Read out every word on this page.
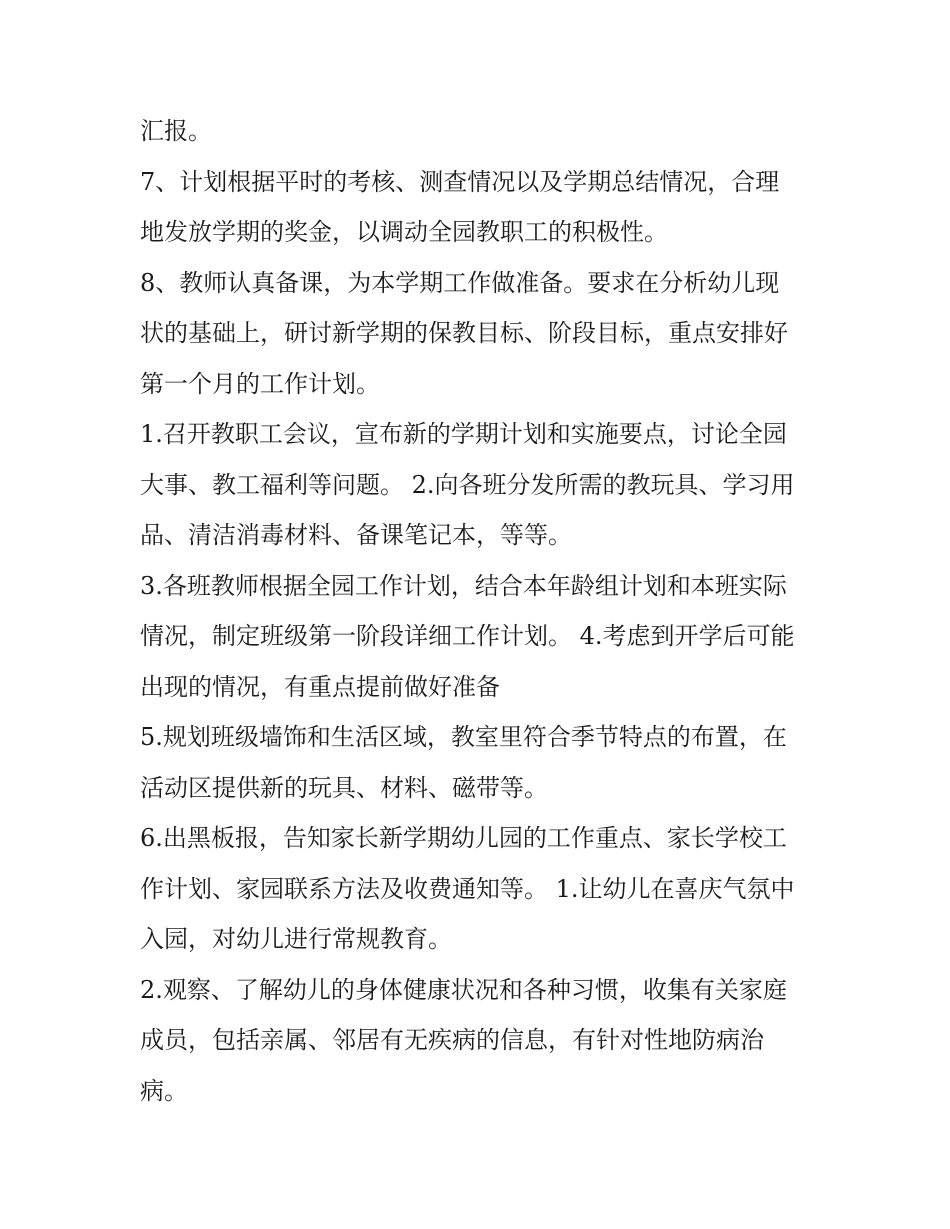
汇报。
7、计划根据平时的考核、测查情况以及学期总结情况，合理
地发放学期的奖金，以调动全园教职工的积极性。
8、教师认真备课，为本学期工作做准备。要求在分析幼儿现
状的基础上，研讨新学期的保教目标、阶段目标，重点安排好
第一个月的工作计划。
1.召开教职工会议，宣布新的学期计划和实施要点，讨论全园
大事、教工福利等问题。 2.向各班分发所需的教玩具、学习用
品、清洁消毒材料、备课笔记本，等等。
3.各班教师根据全园工作计划，结合本年龄组计划和本班实际
情况，制定班级第一阶段详细工作计划。 4.考虑到开学后可能
出现的情况，有重点提前做好准备
5.规划班级墙饰和生活区域，教室里符合季节特点的布置，在
活动区提供新的玩具、材料、磁带等。
6.出黑板报，告知家长新学期幼儿园的工作重点、家长学校工
作计划、家园联系方法及收费通知等。 1.让幼儿在喜庆气氛中
入园，对幼儿进行常规教育。
2.观察、了解幼儿的身体健康状况和各种习惯，收集有关家庭
成员，包括亲属、邻居有无疾病的信息，有针对性地防病治
病。
